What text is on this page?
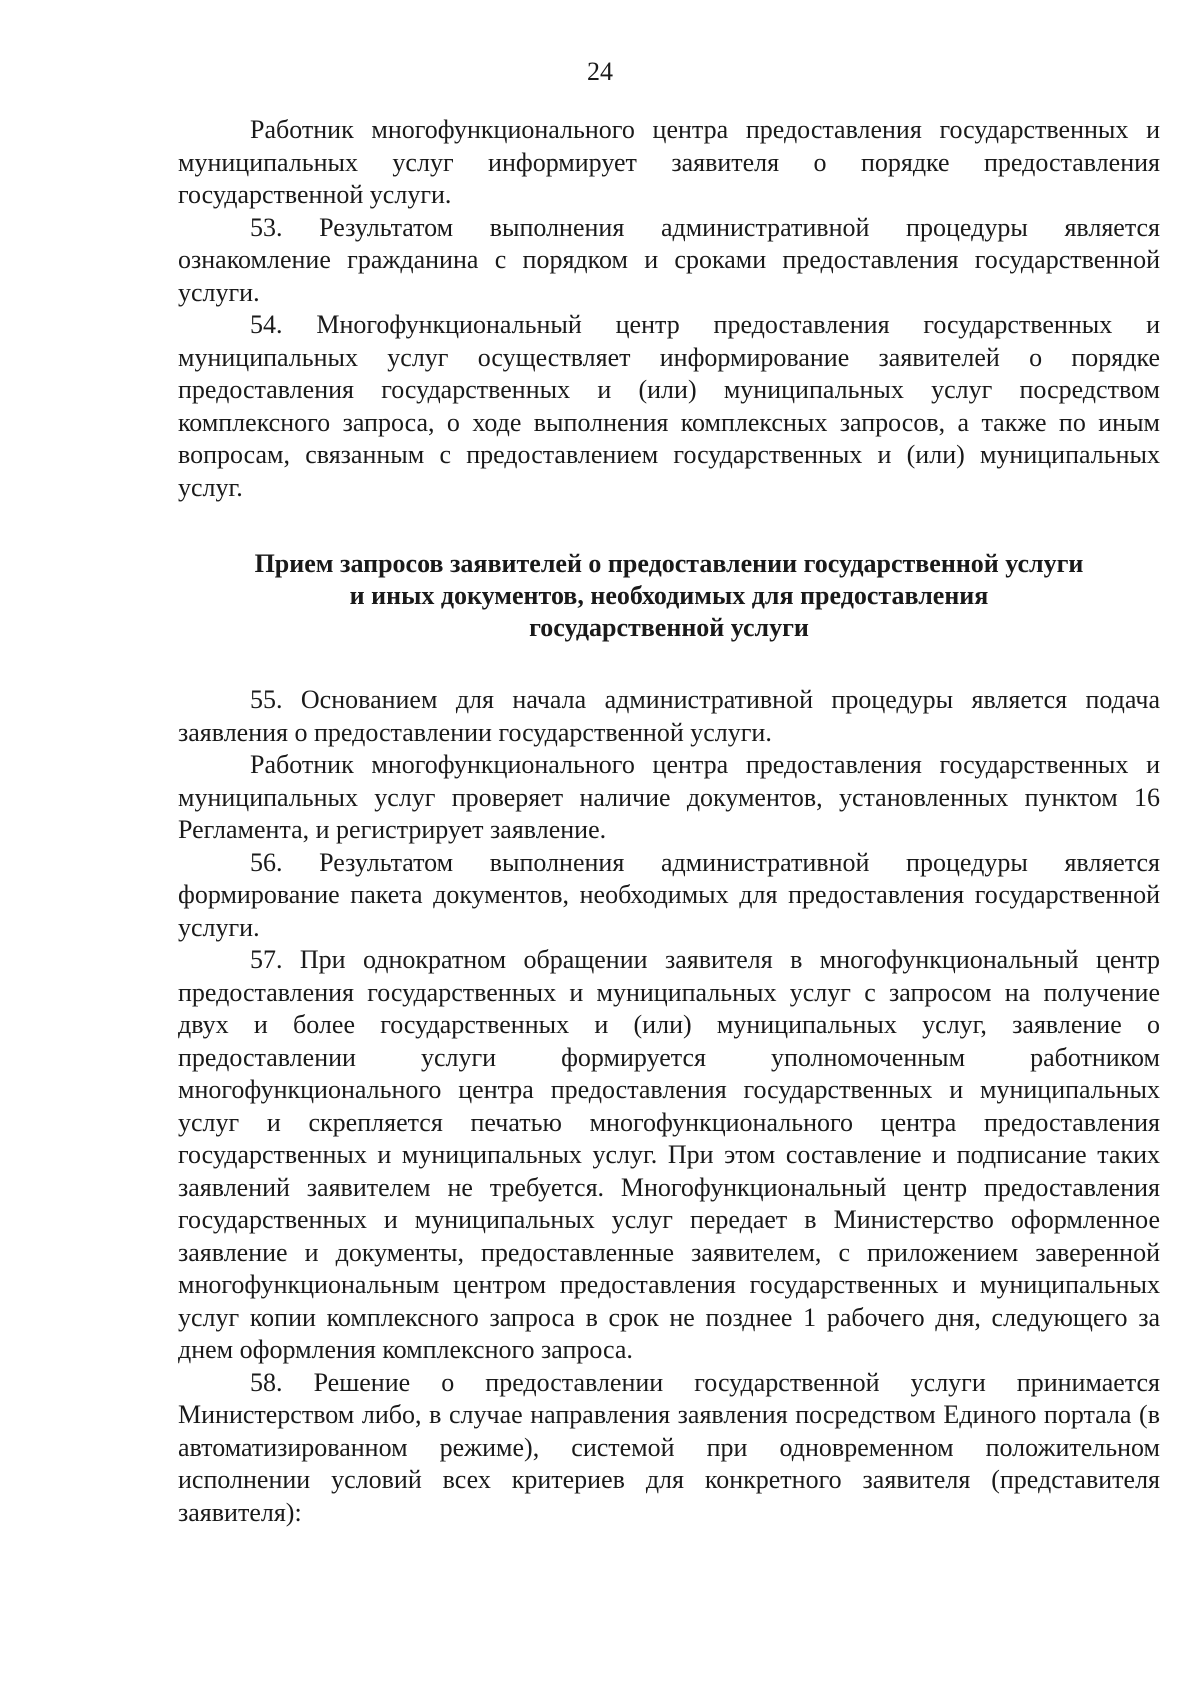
24

Работник многофункционального центра предоставления государственных и муниципальных услуг информирует заявителя о порядке предоставления государственной услуги.

53. Результатом выполнения административной процедуры является ознакомление гражданина с порядком и сроками предоставления государственной услуги.

54. Многофункциональный центр предоставления государственных и муниципальных услуг осуществляет информирование заявителей о порядке предоставления государственных и (или) муниципальных услуг посредством комплексного запроса, о ходе выполнения комплексных запросов, а также по иным вопросам, связанным с предоставлением государственных и (или) муниципальных услуг.

Прием запросов заявителей о предоставлении государственной услуги

и иных документов, необходимых для предоставления

государственной услуги

55. Основанием для начала административной процедуры является подача заявления о предоставлении государственной услуги.

Работник многофункционального центра предоставления государственных и муниципальных услуг проверяет наличие документов, установленных пунктом 16 Регламента, и регистрирует заявление.

56. Результатом выполнения административной процедуры является формирование пакета документов, необходимых для предоставления государственной услуги.

57. При однократном обращении заявителя в многофункциональный центр предоставления государственных и муниципальных услуг с запросом на получение двух и более государственных и (или) муниципальных услуг, заявление о предоставлении услуги формируется уполномоченным работником многофункционального центра предоставления государственных и муниципальных услуг и скрепляется печатью многофункционального центра предоставления государственных и муниципальных услуг. При этом составление и подписание таких заявлений заявителем не требуется. Многофункциональный центр предоставления государственных и муниципальных услуг передает в Министерство оформленное заявление и документы, предоставленные заявителем, с приложением заверенной многофункциональным центром предоставления государственных и муниципальных услуг копии комплексного запроса в срок не позднее 1 рабочего дня, следующего за днем оформления комплексного запроса.

58. Решение о предоставлении государственной услуги принимается Министерством либо, в случае направления заявления посредством Единого портала (в автоматизированном режиме), системой при одновременном положительном исполнении условий всех критериев для конкретного заявителя (представителя заявителя):
